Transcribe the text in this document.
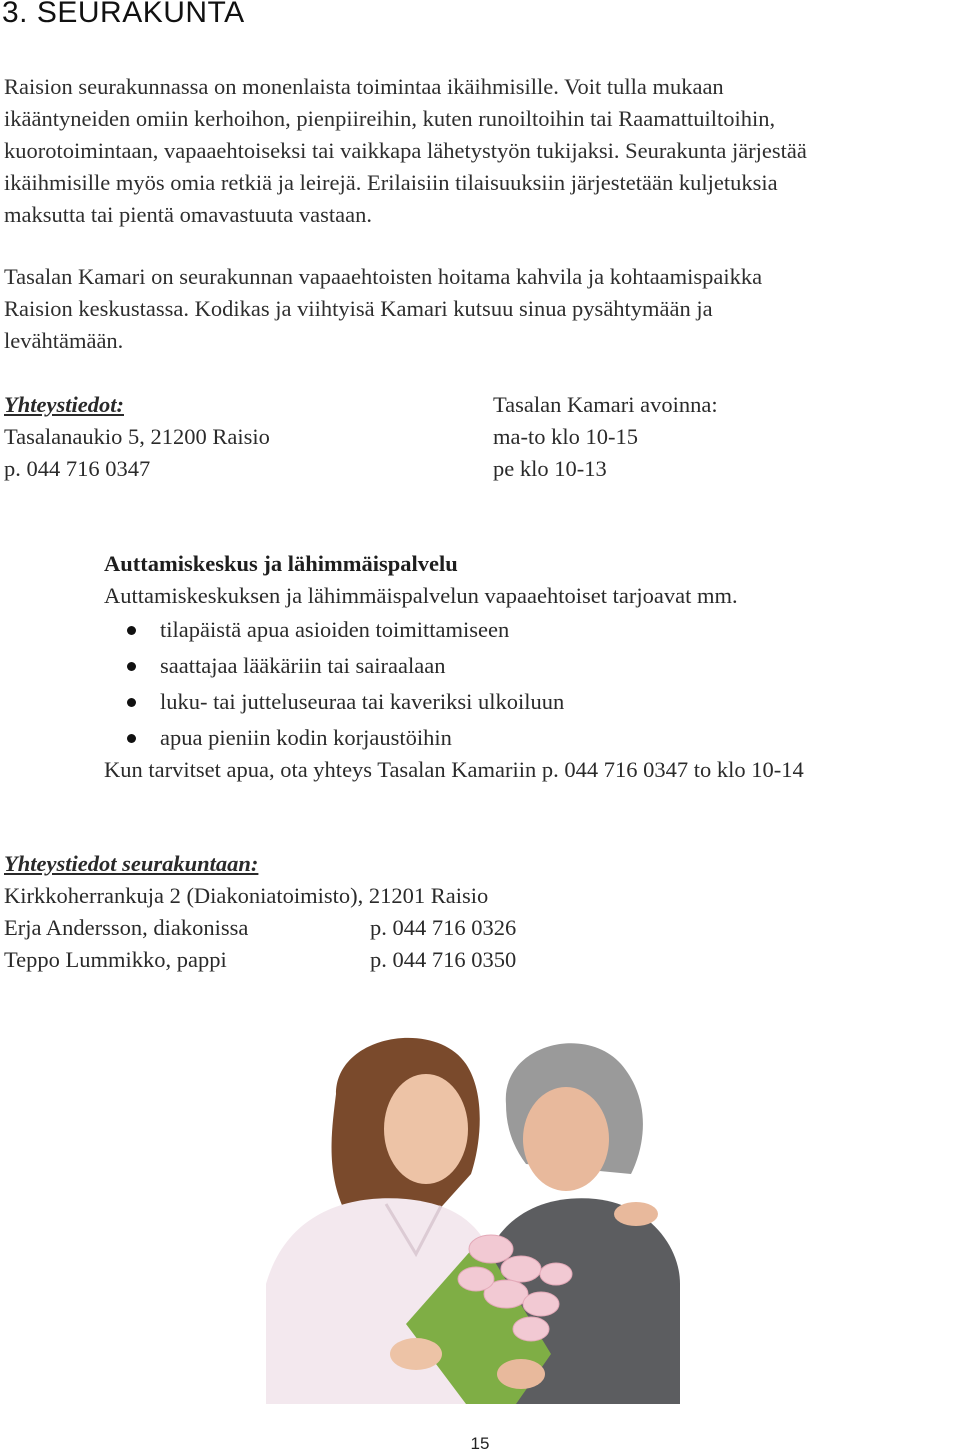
3. SEURAKUNTA

Raision seurakunnassa on monenlaista toimintaa ikäihmisille. Voit tulla mukaan
ikääntyneiden omiin kerhoihon, pienpiireihin, kuten runoiltoihin tai Raamattuiltoihin,
kuorotoimintaan, vapaaehtoiseksi tai vaikkapa lähetystyön tukijaksi. Seurakunta järjestää
ikäihmisille myös omia retkiä ja leirejä. Erilaisiin tilaisuuksiin järjestetään kuljetuksia
maksutta tai pientä omavastuuta vastaan.

Tasalan Kamari on seurakunnan vapaaehtoisten hoitama kahvila ja kohtaamispaikka
Raision keskustassa. Kodikas ja viihtyisä Kamari kutsuu sinua pysähtymään ja
levähtämään.

Yhteystiedot:
Tasalanaukio 5, 21200 Raisio
p. 044 716 0347
Tasalan Kamari avoinna:
ma-to klo 10-15
pe klo 10-13
Auttamiskeskus ja lähimmäispalvelu
Auttamiskeskuksen ja lähimmäispalvelun vapaaehtoiset tarjoavat mm.
tilapäistä apua asioiden toimittamiseen
saattajaa lääkäriin tai sairaalaan
luku- tai jutteluseuraa tai kaveriksi ulkoiluun
apua pieniin kodin korjaustöihin
Kun tarvitset apua, ota yhteys Tasalan Kamariin p. 044 716 0347 to klo 10-14
Yhteystiedot seurakuntaan:
Kirkkoherrankuja 2 (Diakoniatoimisto), 21201 Raisio
Erja Andersson, diakonissa	p. 044 716 0326
Teppo Lummikko, pappi	p. 044 716 0350
15
